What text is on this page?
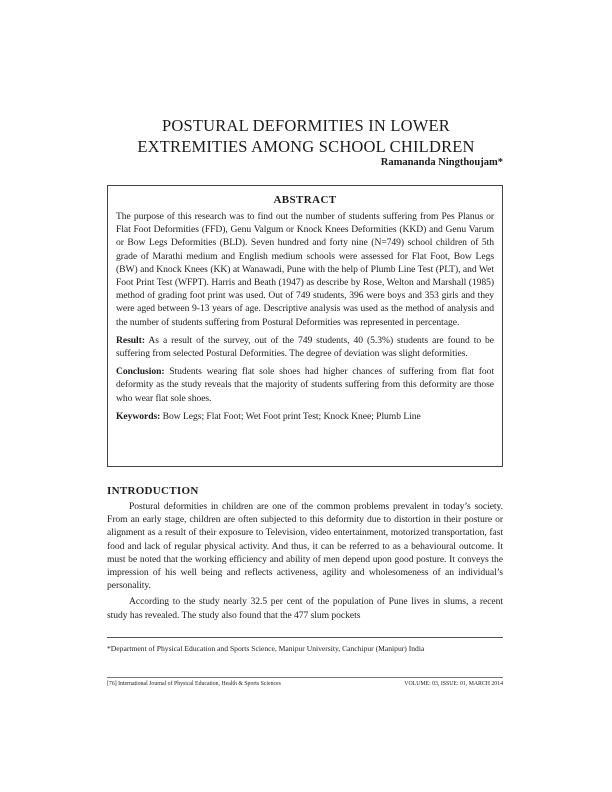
POSTURAL DEFORMITIES IN LOWER
EXTREMITIES AMONG SCHOOL CHILDREN
Ramananda Ningthoujam*
ABSTRACT

The purpose of this research was to find out the number of students suffering from Pes Planus or Flat Foot Deformities (FFD), Genu Valgum or Knock Knees Deformities (KKD) and Genu Varum or Bow Legs Deformities (BLD). Seven hundred and forty nine (N=749) school children of 5th grade of Marathi medium and English medium schools were assessed for Flat Foot, Bow Legs (BW) and Knock Knees (KK) at Wanawadi, Pune with the help of Plumb Line Test (PLT), and Wet Foot Print Test (WFPT). Harris and Beath (1947) as describe by Rose, Welton and Marshall (1985) method of grading foot print was used. Out of 749 students, 396 were boys and 353 girls and they were aged between 9-13 years of age. Descriptive analysis was used as the method of analysis and the number of students suffering from Postural Deformities was represented in percentage.

Result: As a result of the survey, out of the 749 students, 40 (5.3%) students are found to be suffering from selected Postural Deformities. The degree of deviation was slight deformities.

Conclusion: Students wearing flat sole shoes had higher chances of suffering from flat foot deformity as the study reveals that the majority of students suffering from this deformity are those who wear flat sole shoes.

Keywords: Bow Legs; Flat Foot; Wet Foot print Test; Knock Knee; Plumb Line

INTRODUCTION

Postural deformities in children are one of the common problems prevalent in today’s society. From an early stage, children are often subjected to this deformity due to distortion in their posture or alignment as a result of their exposure to Television, video entertainment, motorized transportation, fast food and lack of regular physical activity. And thus, it can be referred to as a behavioural outcome. It must be noted that the working efficiency and ability of men depend upon good posture. It conveys the impression of his well being and reflects activeness, agility and wholesomeness of an individual’s personality.

According to the study nearly 32.5 per cent of the population of Pune lives in slums, a recent study has revealed. The study also found that the 477 slum pockets

*Department of Physical Education and Sports Science, Manipur University, Canchipur (Manipur) India
[76] International Journal of Physical Education, Health & Sports Sciences	VOLUME: 03, ISSUE: 01, MARCH 2014
